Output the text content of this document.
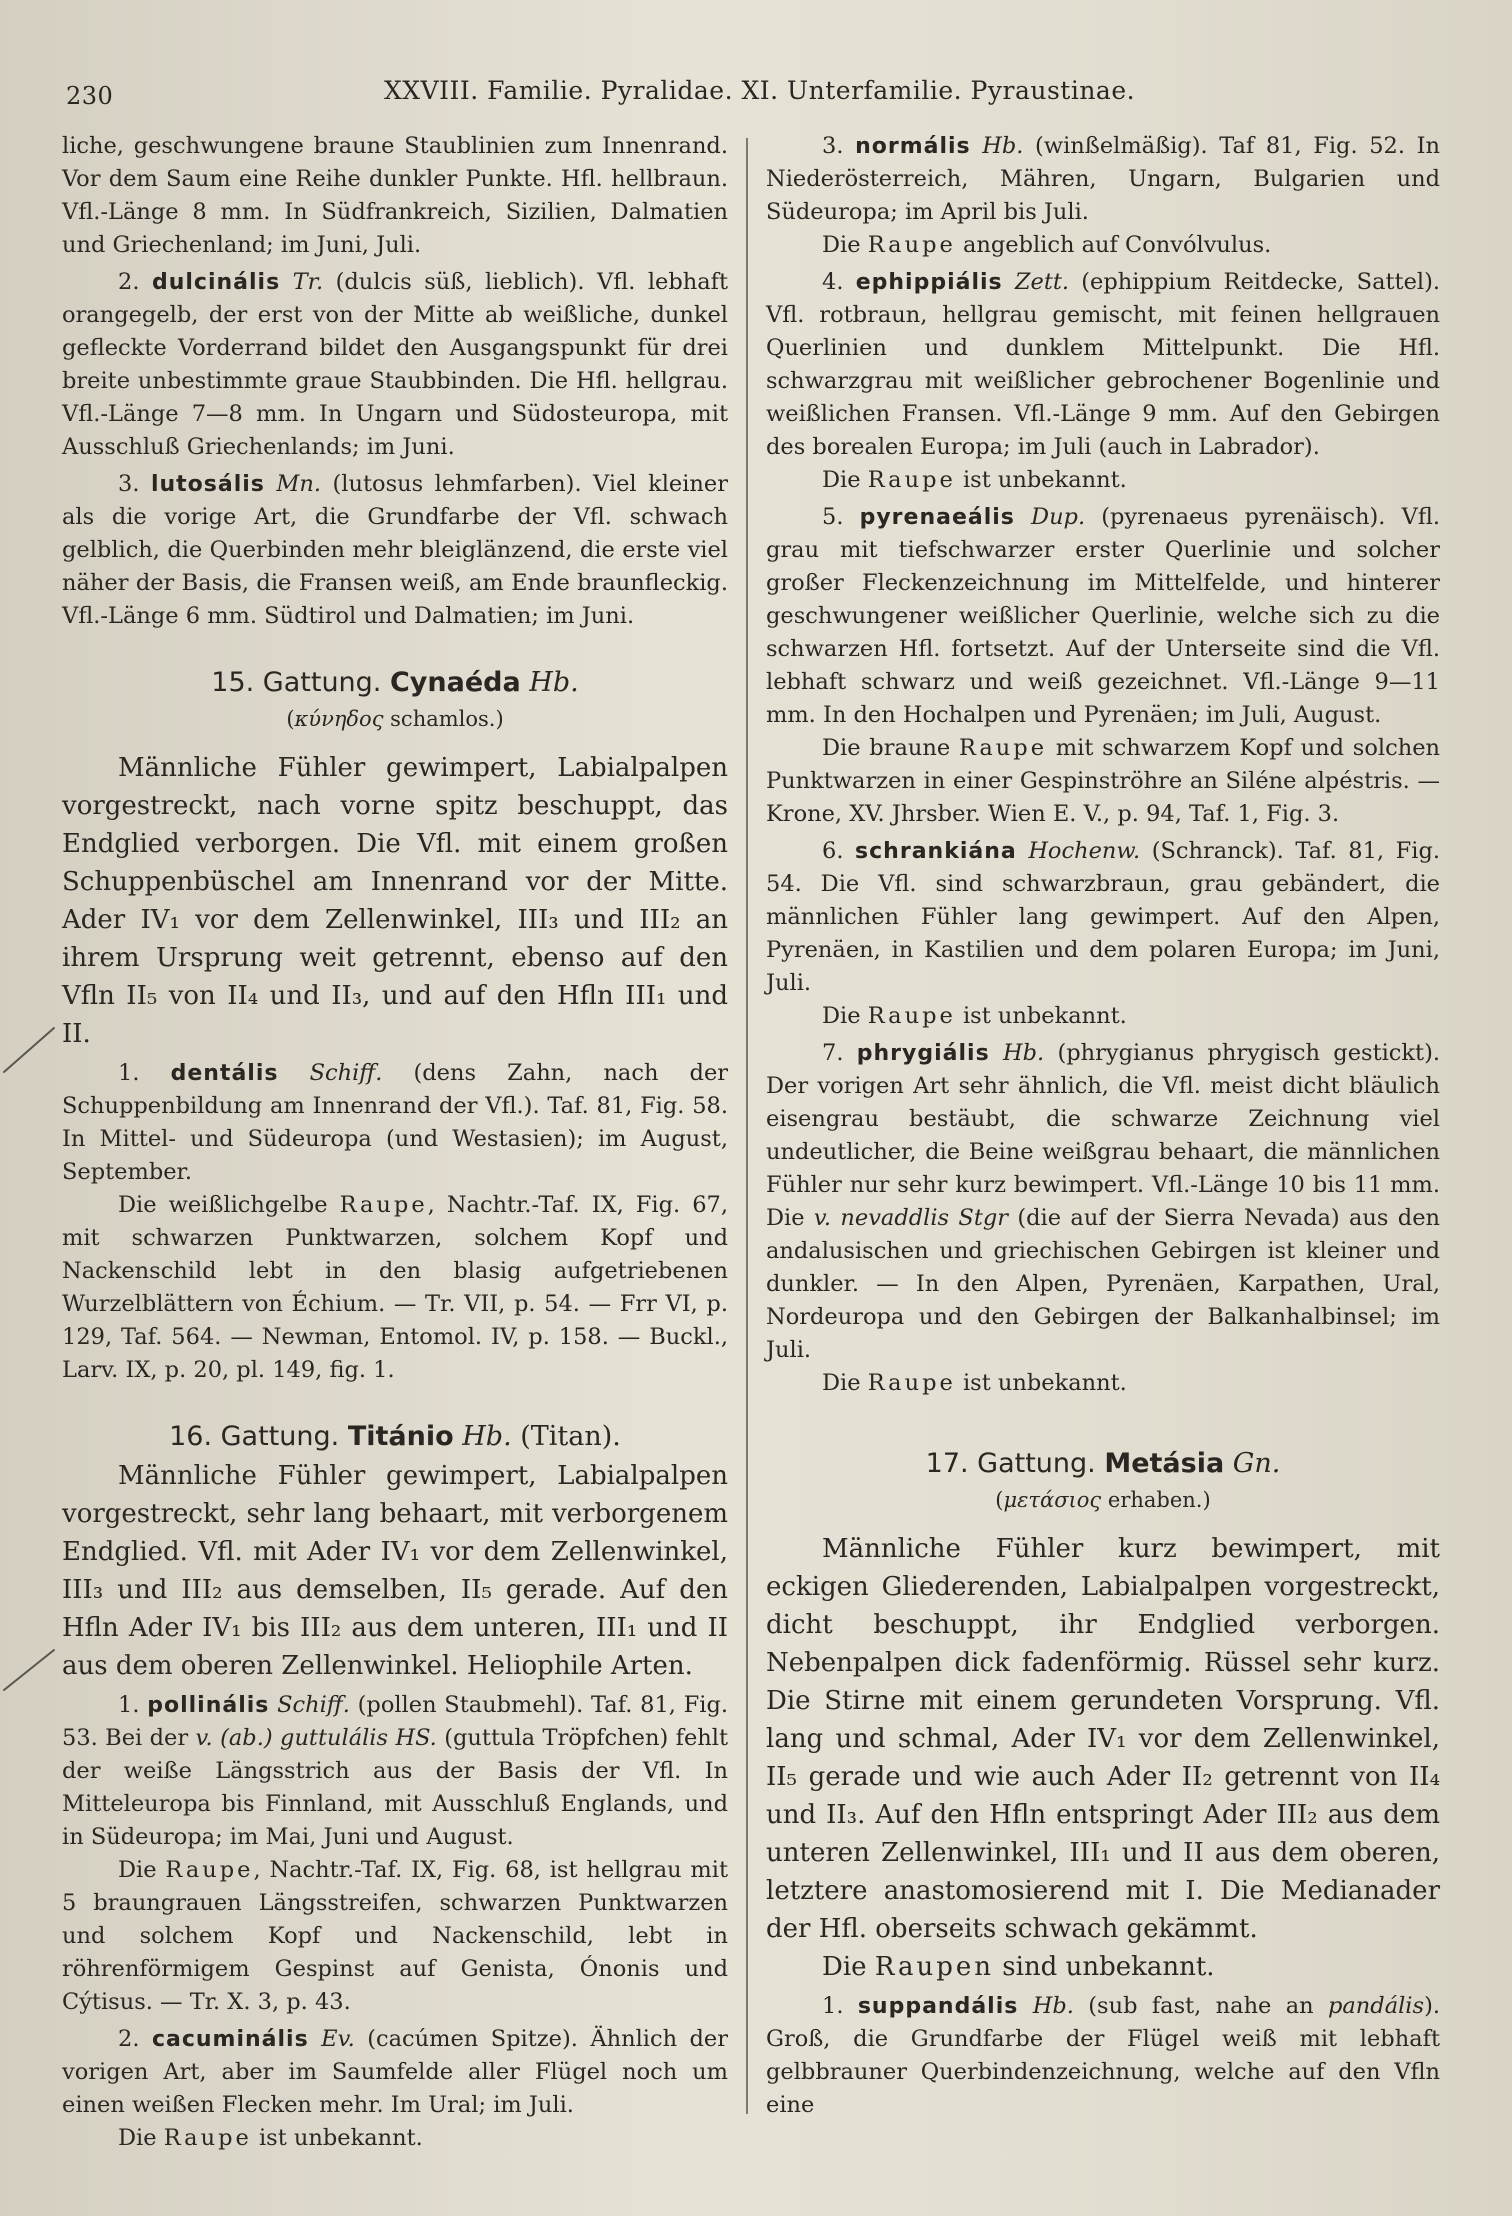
230	XXVIII. Familie. Pyralidae. XI. Unterfamilie. Pyraustinae.

liche, geschwungene braune Staublinien zum Innenrand. Vor dem Saum eine Reihe dunkler Punkte. Hfl. hellbraun. Vfl.-Länge 8 mm. In Südfrankreich, Sizilien, Dalmatien und Griechenland; im Juni, Juli.

2. dulcinális Tr. (dulcis süß, lieblich). Vfl. lebhaft orangegelb, der erst von der Mitte ab weißliche, dunkel gefleckte Vorderrand bildet den Ausgangspunkt für drei breite unbestimmte graue Staubbinden. Die Hfl. hellgrau. Vfl.-Länge 7—8 mm. In Ungarn und Südosteuropa, mit Ausschluß Griechenlands; im Juni.

3. lutosális Mn. (lutosus lehmfarben). Viel kleiner als die vorige Art, die Grundfarbe der Vfl. schwach gelblich, die Querbinden mehr bleiglänzend, die erste viel näher der Basis, die Fransen weiß, am Ende braunfleckig. Vfl.-Länge 6 mm. Südtirol und Dalmatien; im Juni.

15. Gattung. Cynaéda Hb.
(κύνηδος schamlos.)

Männliche Fühler gewimpert, Labialpalpen vorgestreckt, nach vorne spitz beschuppt, das Endglied verborgen. Die Vfl. mit einem großen Schuppenbüschel am Innenrand vor der Mitte. Ader IV₁ vor dem Zellenwinkel, III₃ und III₂ an ihrem Ursprung weit getrennt, ebenso auf den Vfln II₅ von II₄ und II₃, und auf den Hfln III₁ und II.

1. dentális Schiff. (dens Zahn, nach der Schuppenbildung am Innenrand der Vfl.). Taf. 81, Fig. 58. In Mittel- und Südeuropa (und Westasien); im August, September.

Die weißlichgelbe Raupe, Nachtr.-Taf. IX, Fig. 67, mit schwarzen Punktwarzen, solchem Kopf und Nackenschild lebt in den blasig aufgetriebenen Wurzelblättern von Échium. — Tr. VII, p. 54. — Frr VI, p. 129, Taf. 564. — Newman, Entomol. IV, p. 158. — Buckl., Larv. IX, p. 20, pl. 149, fig. 1.

16. Gattung. Titánio Hb. (Titan).

Männliche Fühler gewimpert, Labialpalpen vorgestreckt, sehr lang behaart, mit verborgenem Endglied. Vfl. mit Ader IV₁ vor dem Zellenwinkel, III₃ und III₂ aus demselben, II₅ gerade. Auf den Hfln Ader IV₁ bis III₂ aus dem unteren, III₁ und II aus dem oberen Zellenwinkel. Heliophile Arten.

1. pollinális Schiff. (pollen Staubmehl). Taf. 81, Fig. 53. Bei der v. (ab.) guttulális HS. (guttula Tröpfchen) fehlt der weiße Längsstrich aus der Basis der Vfl. In Mitteleuropa bis Finnland, mit Ausschluß Englands, und in Südeuropa; im Mai, Juni und August.

Die Raupe, Nachtr.-Taf. IX, Fig. 68, ist hellgrau mit 5 braungrauen Längsstreifen, schwarzen Punktwarzen und solchem Kopf und Nackenschild, lebt in röhrenförmigem Gespinst auf Genista, Ónonis und Cýtisus. — Tr. X. 3, p. 43.

2. cacuminális Ev. (cacúmen Spitze). Ähnlich der vorigen Art, aber im Saumfelde aller Flügel noch um einen weißen Flecken mehr. Im Ural; im Juli.

Die Raupe ist unbekannt.

3. normális Hb. (winßelmäßig). Taf 81, Fig. 52. In Niederösterreich, Mähren, Ungarn, Bulgarien und Südeuropa; im April bis Juli.

Die Raupe angeblich auf Convólvulus.

4. ephippiális Zett. (ephippium Reitdecke, Sattel). Vfl. rotbraun, hellgrau gemischt, mit feinen hellgrauen Querlinien und dunklem Mittelpunkt. Die Hfl. schwarzgrau mit weißlicher gebrochener Bogenlinie und weißlichen Fransen. Vfl.-Länge 9 mm. Auf den Gebirgen des borealen Europa; im Juli (auch in Labrador).

Die Raupe ist unbekannt.

5. pyrenaeális Dup. (pyrenaeus pyrenäisch). Vfl. grau mit tiefschwarzer erster Querlinie und solcher großer Fleckenzeichnung im Mittelfelde, und hinterer geschwungener weißlicher Querlinie, welche sich zu die schwarzen Hfl. fortsetzt. Auf der Unterseite sind die Vfl. lebhaft schwarz und weiß gezeichnet. Vfl.-Länge 9—11 mm. In den Hochalpen und Pyrenäen; im Juli, August.

Die braune Raupe mit schwarzem Kopf und solchen Punktwarzen in einer Gespinströhre an Siléne alpéstris. — Krone, XV. Jhrsber. Wien E. V., p. 94, Taf. 1, Fig. 3.

6. schrankiána Hochenw. (Schranck). Taf. 81, Fig. 54. Die Vfl. sind schwarzbraun, grau gebändert, die männlichen Fühler lang gewimpert. Auf den Alpen, Pyrenäen, in Kastilien und dem polaren Europa; im Juni, Juli.

Die Raupe ist unbekannt.

7. phrygiális Hb. (phrygianus phrygisch gestickt). Der vorigen Art sehr ähnlich, die Vfl. meist dicht bläulich eisengrau bestäubt, die schwarze Zeichnung viel undeutlicher, die Beine weißgrau behaart, die männlichen Fühler nur sehr kurz bewimpert. Vfl.-Länge 10 bis 11 mm. Die v. nevaddlis Stgr (die auf der Sierra Nevada) aus den andalusischen und griechischen Gebirgen ist kleiner und dunkler. — In den Alpen, Pyrenäen, Karpathen, Ural, Nordeuropa und den Gebirgen der Balkanhalbinsel; im Juli.

Die Raupe ist unbekannt.

17. Gattung. Metásia Gn.
(μετάσιος erhaben.)

Männliche Fühler kurz bewimpert, mit eckigen Gliederenden, Labialpalpen vorgestreckt, dicht beschuppt, ihr Endglied verborgen. Nebenpalpen dick fadenförmig. Rüssel sehr kurz. Die Stirne mit einem gerundeten Vorsprung. Vfl. lang und schmal, Ader IV₁ vor dem Zellenwinkel, II₅ gerade und wie auch Ader II₂ getrennt von II₄ und II₃. Auf den Hfln entspringt Ader III₂ aus dem unteren Zellenwinkel, III₁ und II aus dem oberen, letztere anastomosierend mit I. Die Medianader der Hfl. oberseits schwach gekämmt.

Die Raupen sind unbekannt.

1. suppandális Hb. (sub fast, nahe an pandális). Groß, die Grundfarbe der Flügel weiß mit lebhaft gelbbrauner Querbindenzeichnung, welche auf den Vfln eine
